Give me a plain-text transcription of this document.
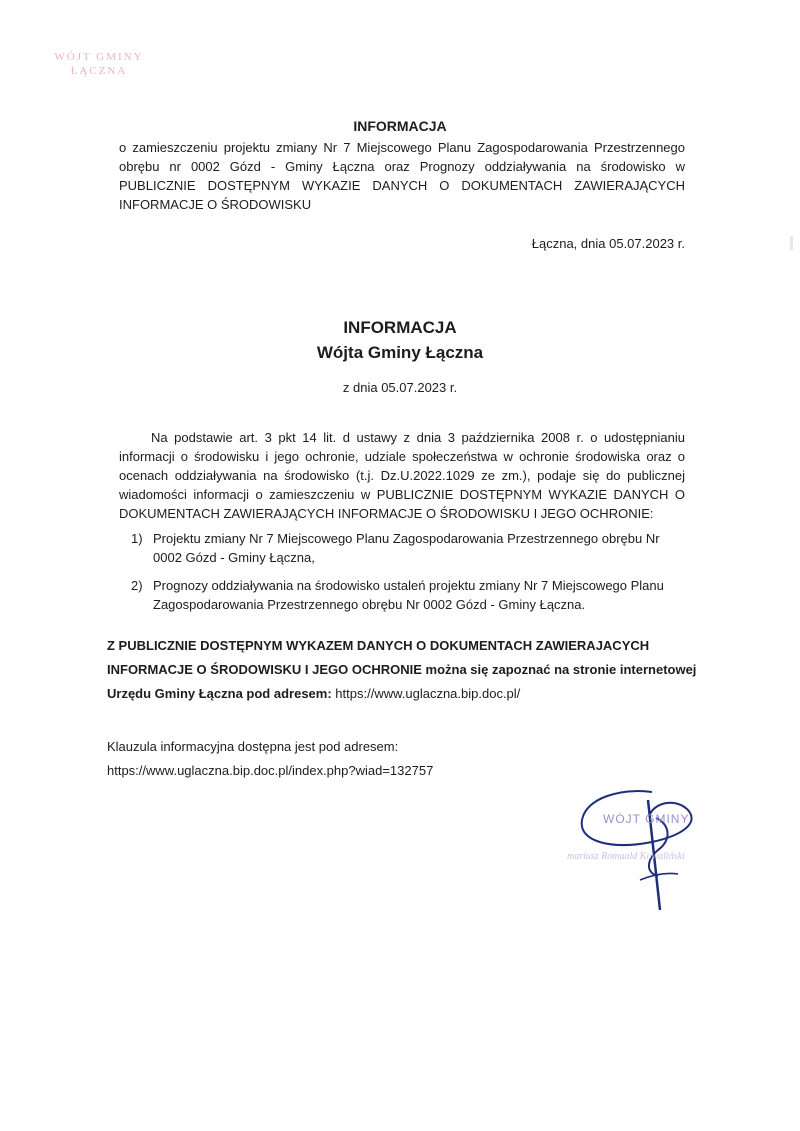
WÓJT GMINY
ŁĄCZNA
INFORMACJA
o zamieszczeniu projektu zmiany Nr 7 Miejscowego Planu Zagospodarowania Przestrzennego obrębu nr 0002 Gózd - Gminy Łączna oraz Prognozy oddziaływania na środowisko w PUBLICZNIE DOSTĘPNYM WYKAZIE DANYCH O DOKUMENTACH ZAWIERAJĄCYCH INFORMACJE O ŚRODOWISKU
Łączna, dnia 05.07.2023 r.
INFORMACJA
Wójta Gminy Łączna
z dnia 05.07.2023 r.
Na podstawie art. 3 pkt 14 lit. d ustawy z dnia 3 października 2008 r. o udostępnianiu informacji o środowisku i jego ochronie, udziale społeczeństwa w ochronie środowiska oraz o ocenach oddziaływania na środowisko (t.j. Dz.U.2022.1029 ze zm.), podaje się do publicznej wiadomości informacji o zamieszczeniu w PUBLICZNIE DOSTĘPNYM WYKAZIE DANYCH O DOKUMENTACH ZAWIERAJĄCYCH INFORMACJE O ŚRODOWISKU I JEGO OCHRONIE:
1) Projektu zmiany Nr 7 Miejscowego Planu Zagospodarowania Przestrzennego obrębu Nr 0002 Gózd - Gminy Łączna,
2) Prognozy oddziaływania na środowisko ustaleń projektu zmiany Nr 7 Miejscowego Planu Zagospodarowania Przestrzennego obrębu Nr 0002 Gózd - Gminy Łączna.
Z PUBLICZNIE DOSTĘPNYM WYKAZEM DANYCH O DOKUMENTACH ZAWIERAJACYCH INFORMACJE O ŚRODOWISKU I JEGO OCHRONIE można się zapoznać na stronie internetowej Urzędu Gminy Łączna pod adresem: https://www.uglaczna.bip.doc.pl/
Klauzula informacyjna dostępna jest pod adresem:
https://www.uglaczna.bip.doc.pl/index.php?wiad=132757
WÓJT GMINY
mariusz Romuald Kowaliński
